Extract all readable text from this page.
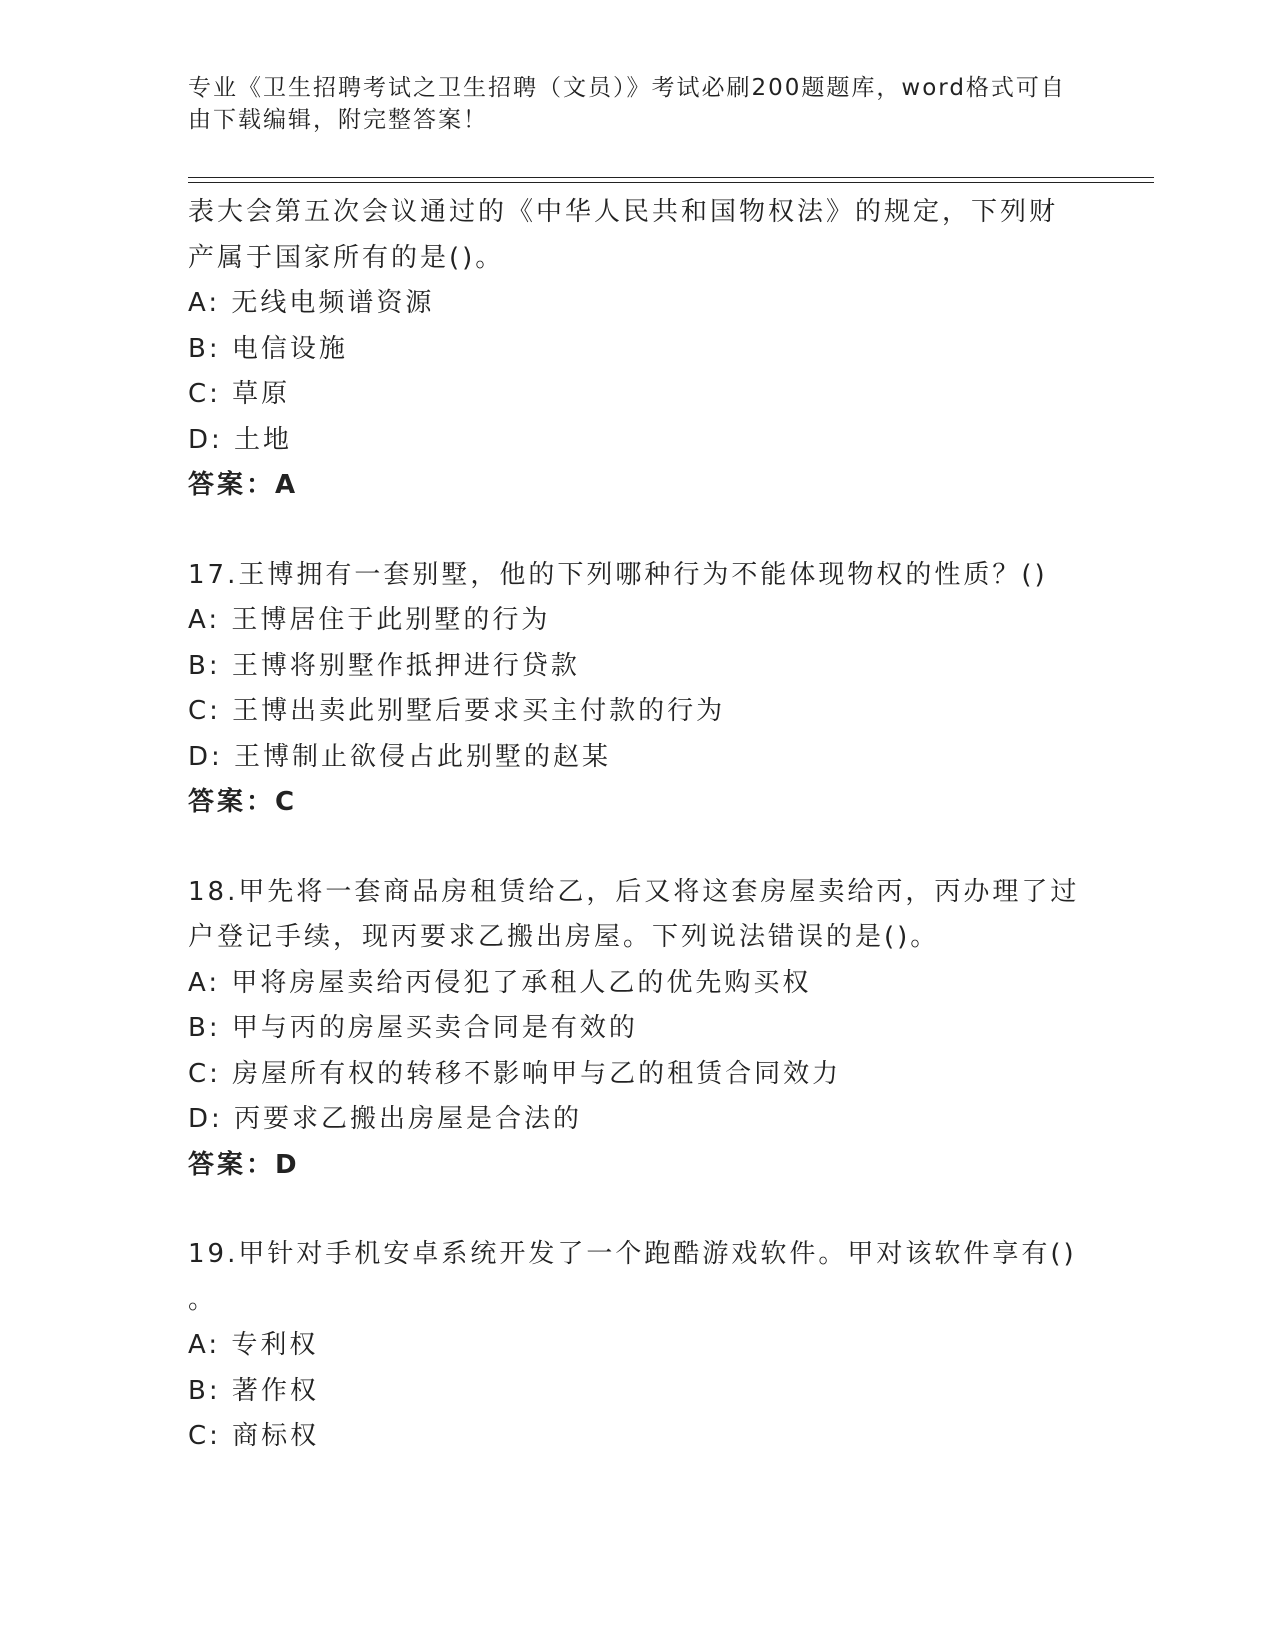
专业《卫生招聘考试之卫生招聘（文员）》考试必刷200题题库，word格式可自
由下载编辑，附完整答案！
表大会第五次会议通过的《中华人民共和国物权法》的规定，下列财
产属于国家所有的是()。
A: 无线电频谱资源
B: 电信设施
C: 草原
D: 土地
答案：A
17.王博拥有一套别墅，他的下列哪种行为不能体现物权的性质？()
A: 王博居住于此别墅的行为
B: 王博将别墅作抵押进行贷款
C: 王博出卖此别墅后要求买主付款的行为
D: 王博制止欲侵占此别墅的赵某
答案：C
18.甲先将一套商品房租赁给乙，后又将这套房屋卖给丙，丙办理了过
户登记手续，现丙要求乙搬出房屋。下列说法错误的是()。
A: 甲将房屋卖给丙侵犯了承租人乙的优先购买权
B: 甲与丙的房屋买卖合同是有效的
C: 房屋所有权的转移不影响甲与乙的租赁合同效力
D: 丙要求乙搬出房屋是合法的
答案：D
19.甲针对手机安卓系统开发了一个跑酷游戏软件。甲对该软件享有()
。
A: 专利权
B: 著作权
C: 商标权
